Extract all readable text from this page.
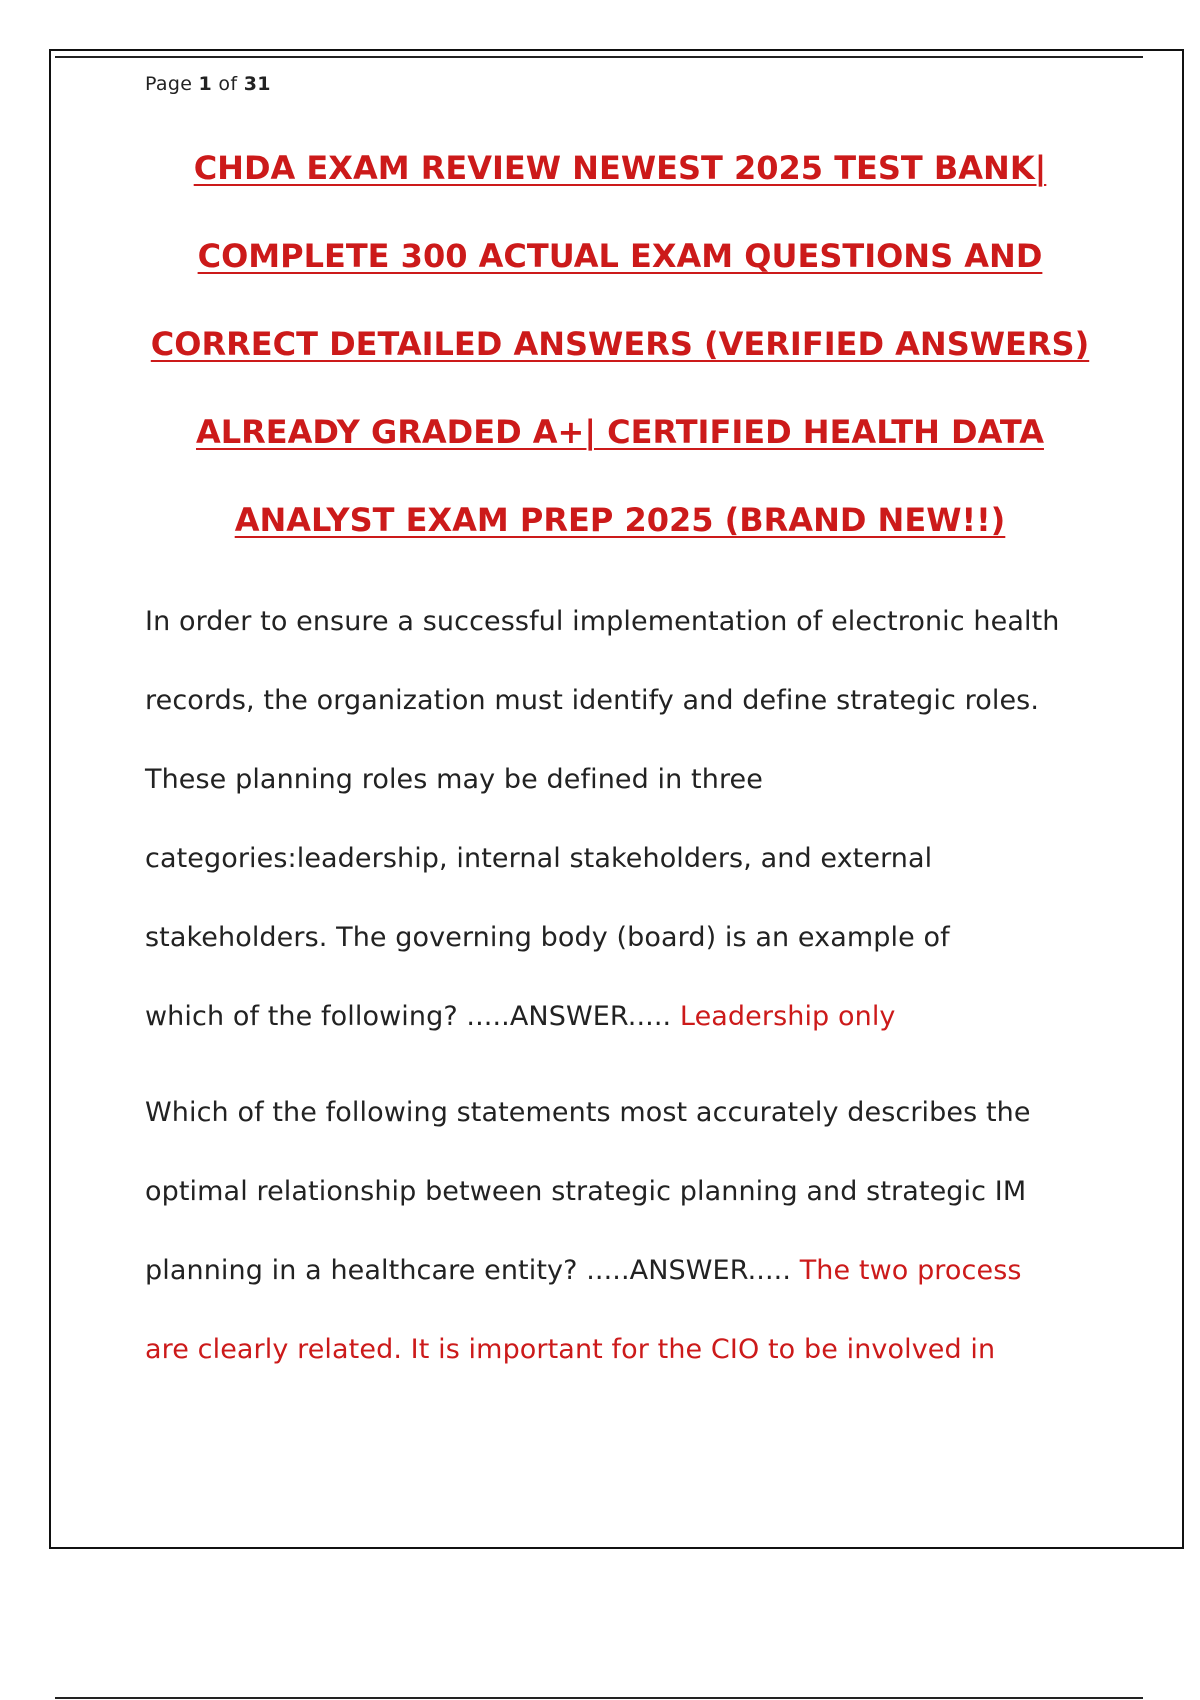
Page 1 of 31
CHDA EXAM REVIEW NEWEST 2025 TEST BANK|
COMPLETE 300 ACTUAL EXAM QUESTIONS AND
CORRECT DETAILED ANSWERS (VERIFIED ANSWERS)
ALREADY GRADED A+| CERTIFIED HEALTH DATA
ANALYST EXAM PREP 2025 (BRAND NEW!!)
In order to ensure a successful implementation of electronic health
records, the organization must identify and define strategic roles.
These planning roles may be defined in three
categories:leadership, internal stakeholders, and external
stakeholders. The governing body (board) is an example of
which of the following? .....ANSWER..... Leadership only
Which of the following statements most accurately describes the
optimal relationship between strategic planning and strategic IM
planning in a healthcare entity? .....ANSWER..... The two process
are clearly related. It is important for the CIO to be involved in
